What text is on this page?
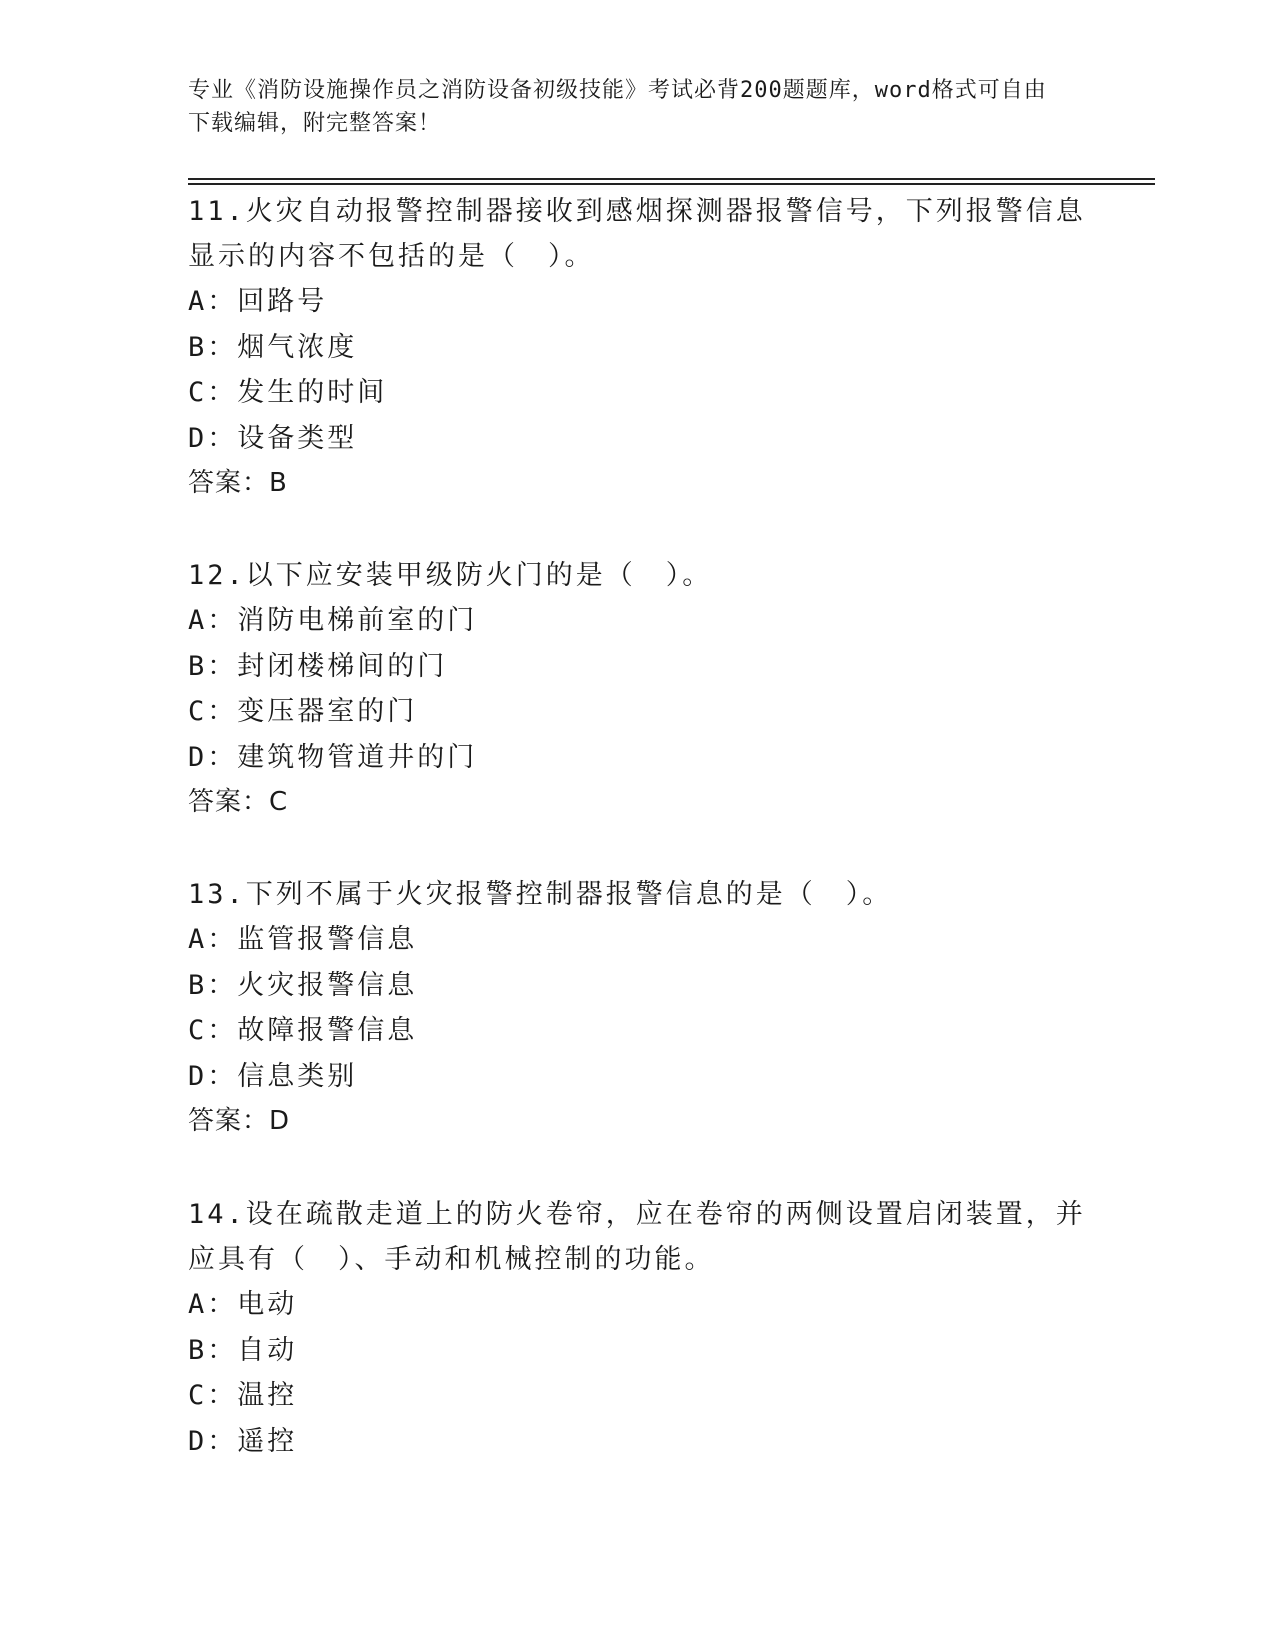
专业《消防设施操作员之消防设备初级技能》考试必背200题题库，word格式可自由下载编辑，附完整答案！
11.火灾自动报警控制器接收到感烟探测器报警信号，下列报警信息显示的内容不包括的是（　）。
A：回路号
B：烟气浓度
C：发生的时间
D：设备类型
答案：B
12.以下应安装甲级防火门的是（　）。
A：消防电梯前室的门
B：封闭楼梯间的门
C：变压器室的门
D：建筑物管道井的门
答案：C
13.下列不属于火灾报警控制器报警信息的是（　）。
A：监管报警信息
B：火灾报警信息
C：故障报警信息
D：信息类别
答案：D
14.设在疏散走道上的防火卷帘，应在卷帘的两侧设置启闭装置，并应具有（　）、手动和机械控制的功能。
A：电动
B：自动
C：温控
D：遥控
